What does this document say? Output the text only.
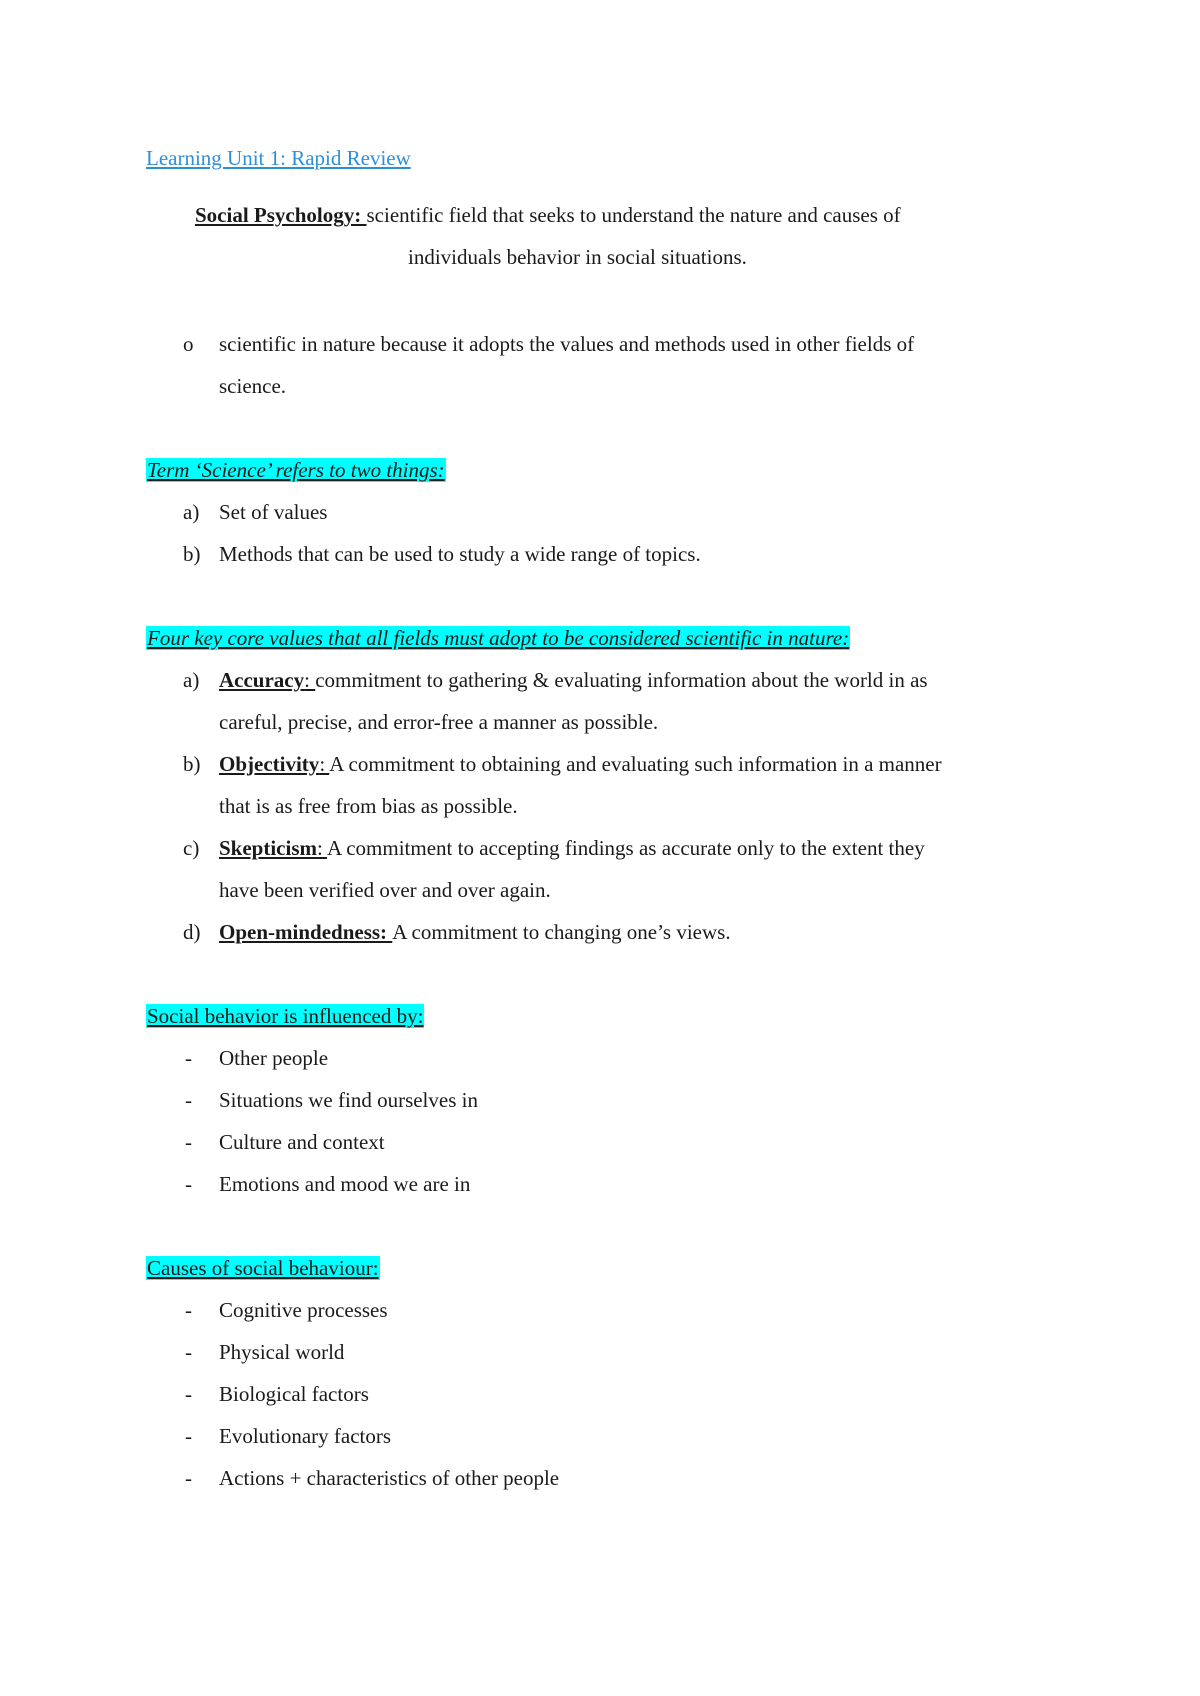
Learning Unit 1: Rapid Review
Social Psychology: scientific field that seeks to understand the nature and causes of
individuals behavior in social situations.
o	scientific in nature because it adopts the values and methods used in other fields of
science.
Term ‘Science’ refers to two things:
a) Set of values
b) Methods that can be used to study a wide range of topics.
Four key core values that all fields must adopt to be considered scientific in nature:
a) Accuracy: commitment to gathering & evaluating information about the world in as
careful, precise, and error-free a manner as possible.
b) Objectivity: A commitment to obtaining and evaluating such information in a manner
that is as free from bias as possible.
c) Skepticism: A commitment to accepting findings as accurate only to the extent they
have been verified over and over again.
d) Open-mindedness: A commitment to changing one’s views.
Social behavior is influenced by:
-	Other people
-	Situations we find ourselves in
-	Culture and context
-	Emotions and mood we are in
Causes of social behaviour:
-	Cognitive processes
-	Physical world
-	Biological factors
-	Evolutionary factors
-	Actions + characteristics of other people
